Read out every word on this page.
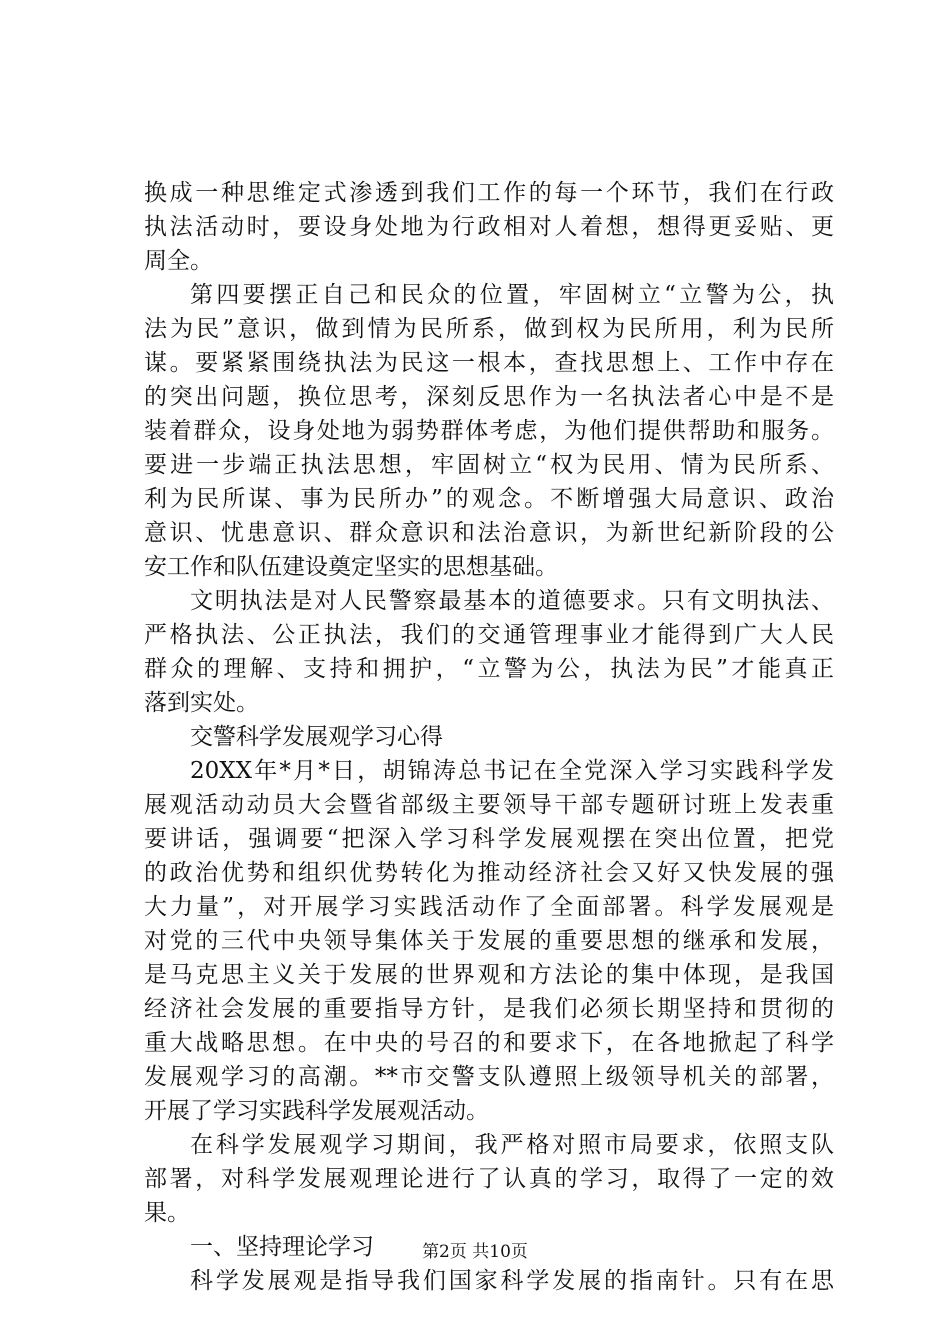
换成一种思维定式渗透到我们工作的每一个环节，我们在行政
执法活动时，要设身处地为行政相对人着想，想得更妥贴、更
周全。
第四要摆正自己和民众的位置，牢固树立“立警为公，执
法为民”意识，做到情为民所系，做到权为民所用，利为民所
谋。要紧紧围绕执法为民这一根本，查找思想上、工作中存在
的突出问题，换位思考，深刻反思作为一名执法者心中是不是
装着群众，设身处地为弱势群体考虑，为他们提供帮助和服务。
要进一步端正执法思想，牢固树立“权为民用、情为民所系、
利为民所谋、事为民所办”的观念。不断增强大局意识、政治
意识、忧患意识、群众意识和法治意识，为新世纪新阶段的公
安工作和队伍建设奠定坚实的思想基础。
文明执法是对人民警察最基本的道德要求。只有文明执法、
严格执法、公正执法，我们的交通管理事业才能得到广大人民
群众的理解、支持和拥护，“立警为公，执法为民”才能真正
落到实处。
交警科学发展观学习心得
20XX年*月*日，胡锦涛总书记在全党深入学习实践科学发
展观活动动员大会暨省部级主要领导干部专题研讨班上发表重
要讲话，强调要“把深入学习科学发展观摆在突出位置，把党
的政治优势和组织优势转化为推动经济社会又好又快发展的强
大力量”，对开展学习实践活动作了全面部署。科学发展观是
对党的三代中央领导集体关于发展的重要思想的继承和发展，
是马克思主义关于发展的世界观和方法论的集中体现，是我国
经济社会发展的重要指导方针，是我们必须长期坚持和贯彻的
重大战略思想。在中央的号召的和要求下，在各地掀起了科学
发展观学习的高潮。**市交警支队遵照上级领导机关的部署，
开展了学习实践科学发展观活动。
在科学发展观学习期间，我严格对照市局要求，依照支队
部署，对科学发展观理论进行了认真的学习，取得了一定的效
果。
一、坚持理论学习
科学发展观是指导我们国家科学发展的指南针。只有在思
第2页 共10页
